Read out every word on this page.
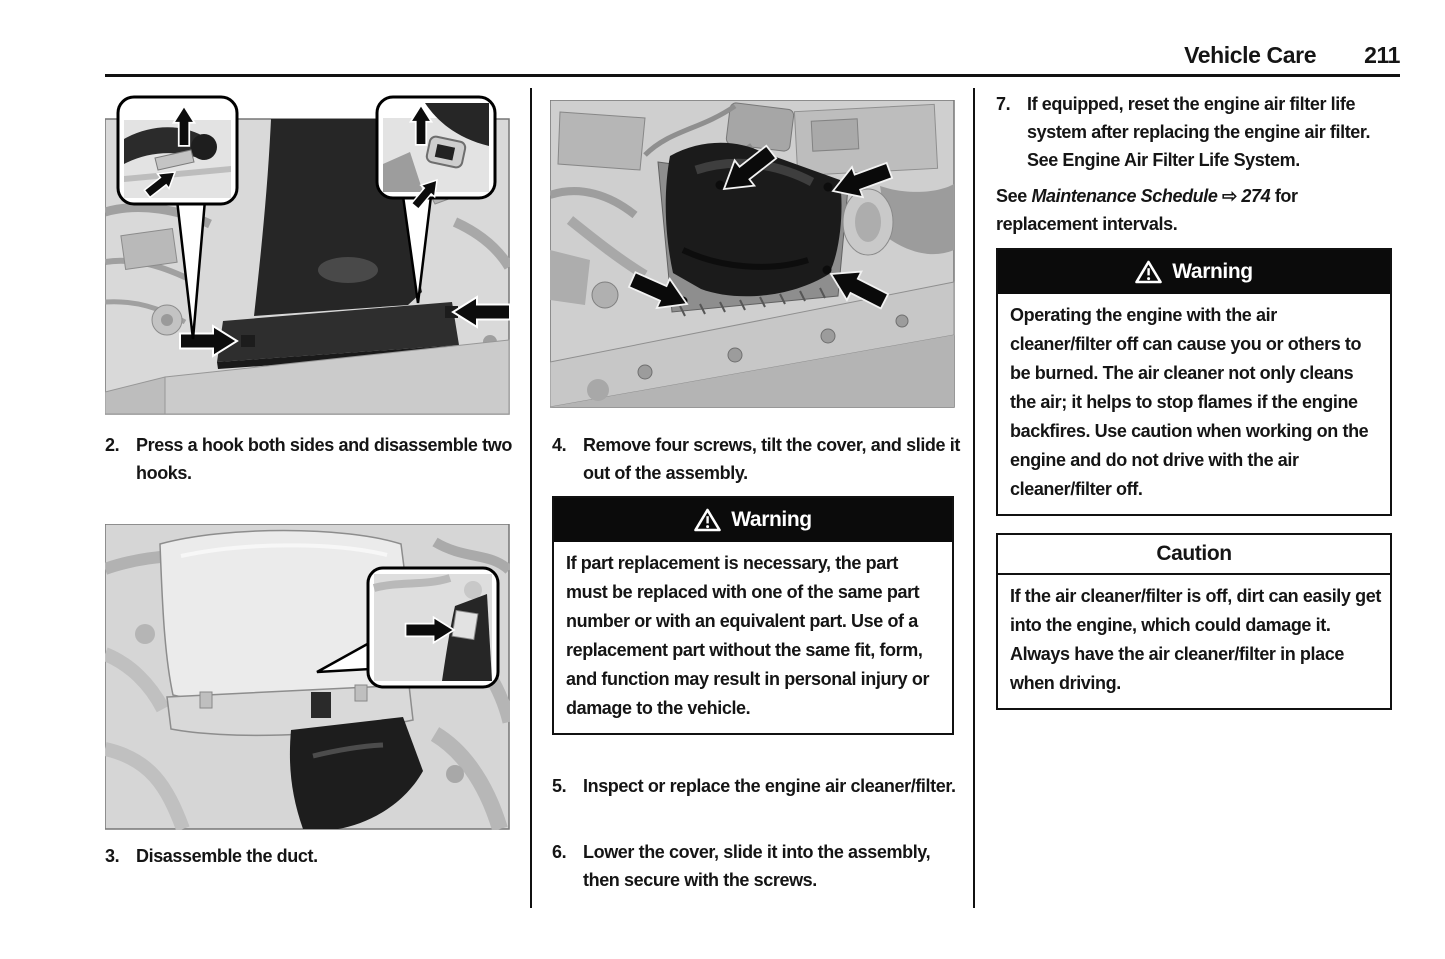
Vehicle Care 211
2. Press a hook both sides and disassemble two hooks.
3. Disassemble the duct.
4. Remove four screws, tilt the cover, and slide it out of the assembly.
Warning
If part replacement is necessary, the part must be replaced with one of the same part number or with an equivalent part. Use of a replacement part without the same fit, form, and function may result in personal injury or damage to the vehicle.
5. Inspect or replace the engine air cleaner/filter.
6. Lower the cover, slide it into the assembly, then secure with the screws.
7. If equipped, reset the engine air filter life system after replacing the engine air filter. See Engine Air Filter Life System.
See Maintenance Schedule ⇨ 274 for replacement intervals.
Warning
Operating the engine with the air cleaner/filter off can cause you or others to be burned. The air cleaner not only cleans the air; it helps to stop flames if the engine backfires. Use caution when working on the engine and do not drive with the air cleaner/filter off.
Caution
If the air cleaner/filter is off, dirt can easily get into the engine, which could damage it. Always have the air cleaner/filter in place when driving.
